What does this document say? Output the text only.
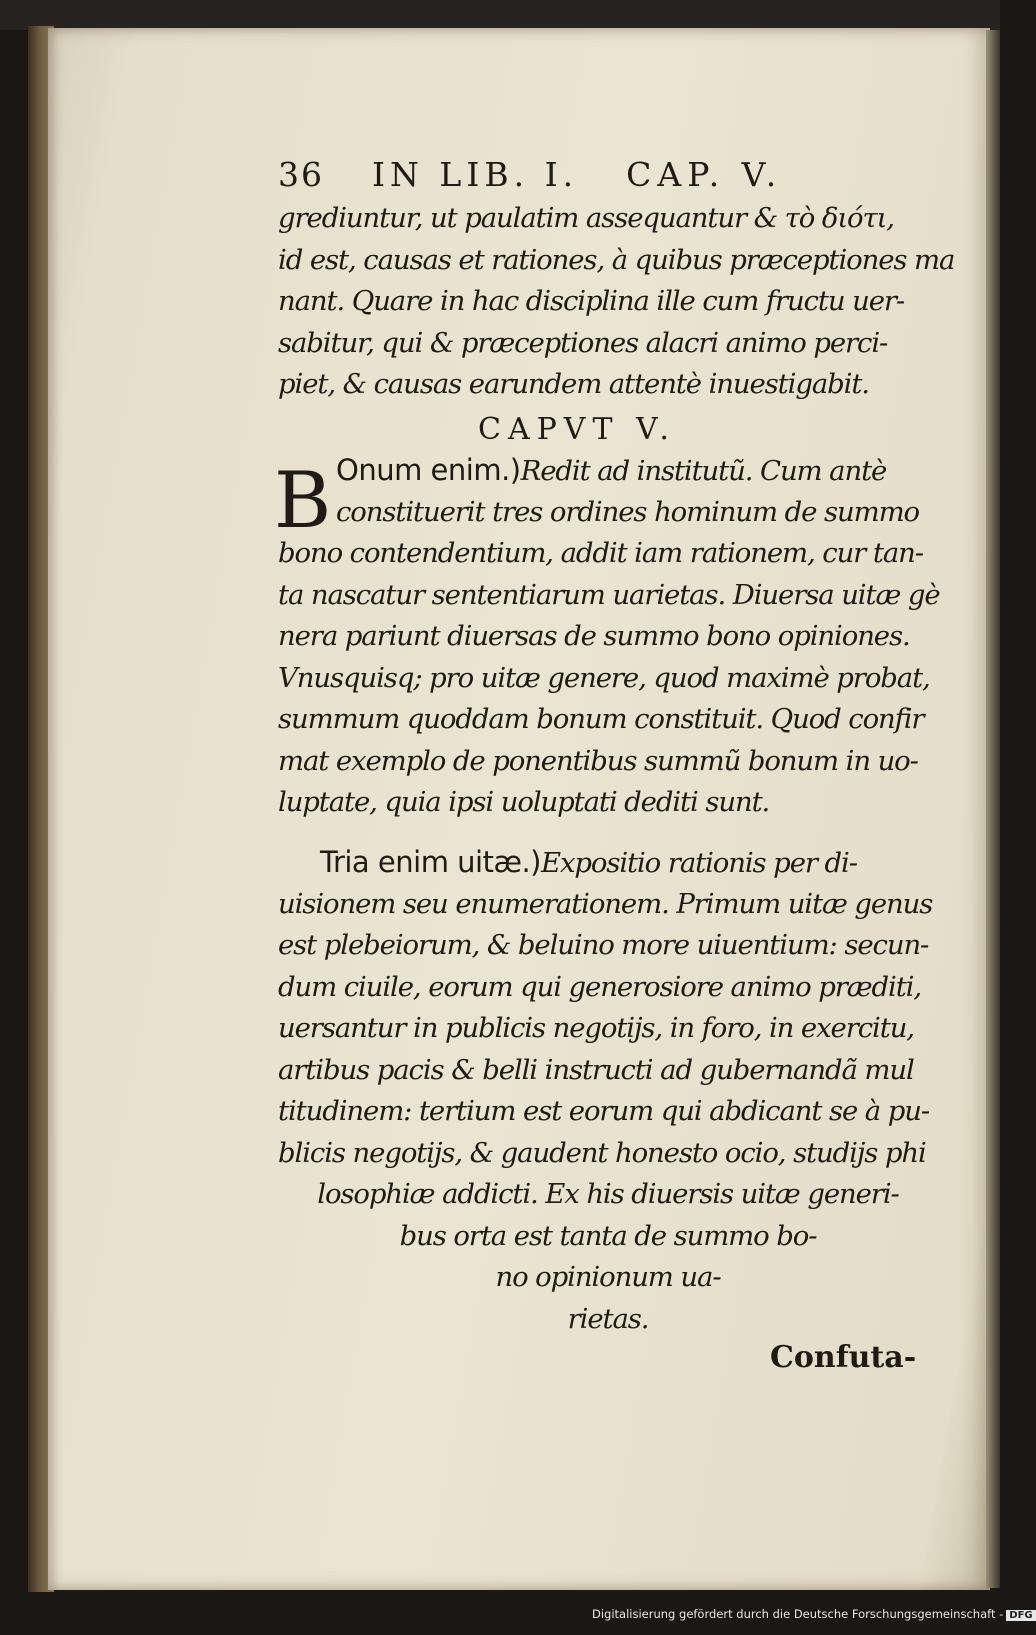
36 IN LIB. I. CAP. V.
grediuntur, ut paulatim assequantur & τὸ διότι,
id est, causas et rationes, à quibus præceptiones ma
nant. Quare in hac disciplina ille cum fructu uer-
sabitur, qui & præceptiones alacri animo perci-
piet, & causas earundem attentè inuestigabit.
CAPVT V.
B Onum enim.)Redit ad institutũ. Cum antè
constituerit tres ordines hominum de summo
bono contendentium, addit iam rationem, cur tan-
ta nascatur sententiarum uarietas. Diuersa uitæ gè
nera pariunt diuersas de summo bono opiniones.
Vnusquisq; pro uitæ genere, quod maximè probat,
summum quoddam bonum constituit. Quod confir
mat exemplo de ponentibus summũ bonum in uo-
luptate, quia ipsi uoluptati dediti sunt.
Tria enim uitæ.)Expositio rationis per di-
uisionem seu enumerationem. Primum uitæ genus
est plebeiorum, & beluino more uiuentium: secun-
dum ciuile, eorum qui generosiore animo præditi,
uersantur in publicis negotijs, in foro, in exercitu,
artibus pacis & belli instructi ad gubernandã mul
titudinem: tertium est eorum qui abdicant se à pu-
blicis negotijs, & gaudent honesto ocio, studijs phi
losophiæ addicti. Ex his diuersis uitæ generi-
bus orta est tanta de summo bo-
no opinionum ua-
rietas.
Confuta-
Digitalisierung gefördert durch die Deutsche Forschungsgemeinschaft - DFG
